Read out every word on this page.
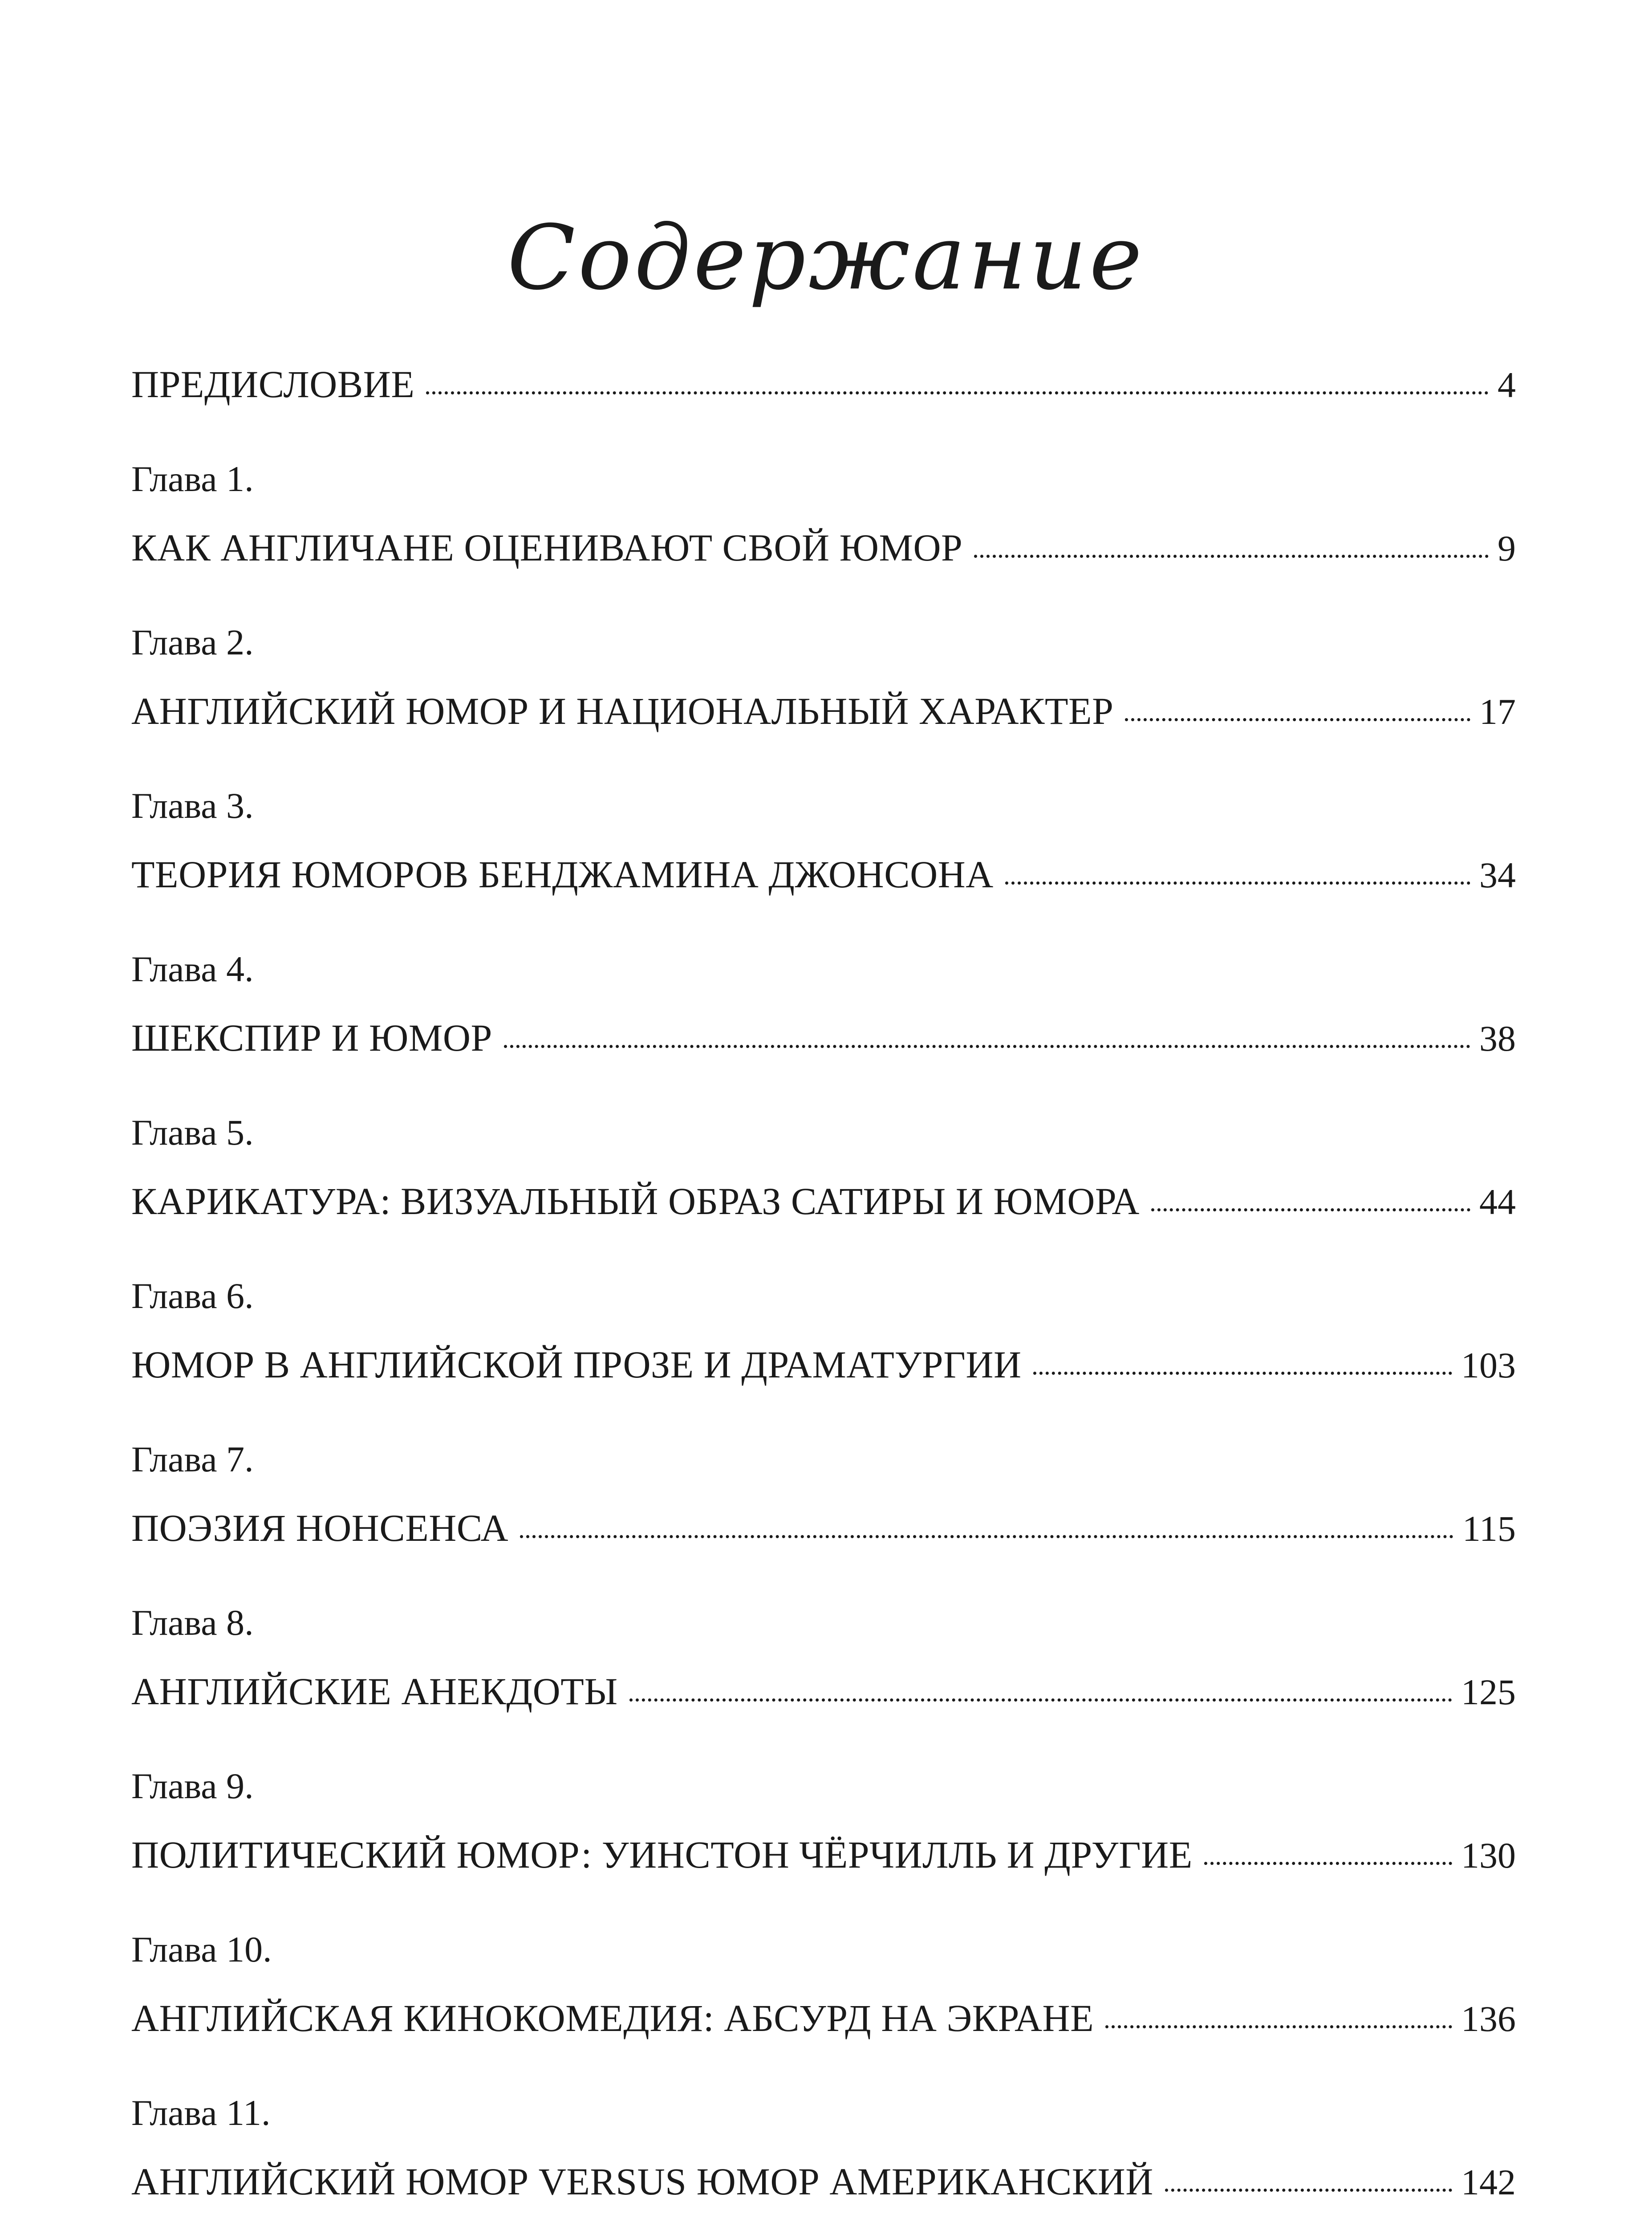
Содержание
ПРЕДИСЛОВИЕ	4
Глава 1.
КАК АНГЛИЧАНЕ ОЦЕНИВАЮТ СВОЙ ЮМОР	9
Глава 2.
АНГЛИЙСКИЙ ЮМОР И НАЦИОНАЛЬНЫЙ ХАРАКТЕР	17
Глава 3.
ТЕОРИЯ ЮМОРОВ БЕНДЖАМИНА ДЖОНСОНА	34
Глава 4.
ШЕКСПИР И ЮМОР	38
Глава 5.
КАРИКАТУРА: ВИЗУАЛЬНЫЙ ОБРАЗ САТИРЫ И ЮМОРА	44
Глава 6.
ЮМОР В АНГЛИЙСКОЙ ПРОЗЕ И ДРАМАТУРГИИ	103
Глава 7.
ПОЭЗИЯ НОНСЕНСА	115
Глава 8.
АНГЛИЙСКИЕ АНЕКДОТЫ	125
Глава 9.
ПОЛИТИЧЕСКИЙ ЮМОР: УИНСТОН ЧЁРЧИЛЛЬ И ДРУГИЕ	130
Глава 10.
АНГЛИЙСКАЯ КИНОКОМЕДИЯ: АБСУРД НА ЭКРАНЕ	136
Глава 11.
АНГЛИЙСКИЙ ЮМОР VERSUS ЮМОР АМЕРИКАНСКИЙ	142
